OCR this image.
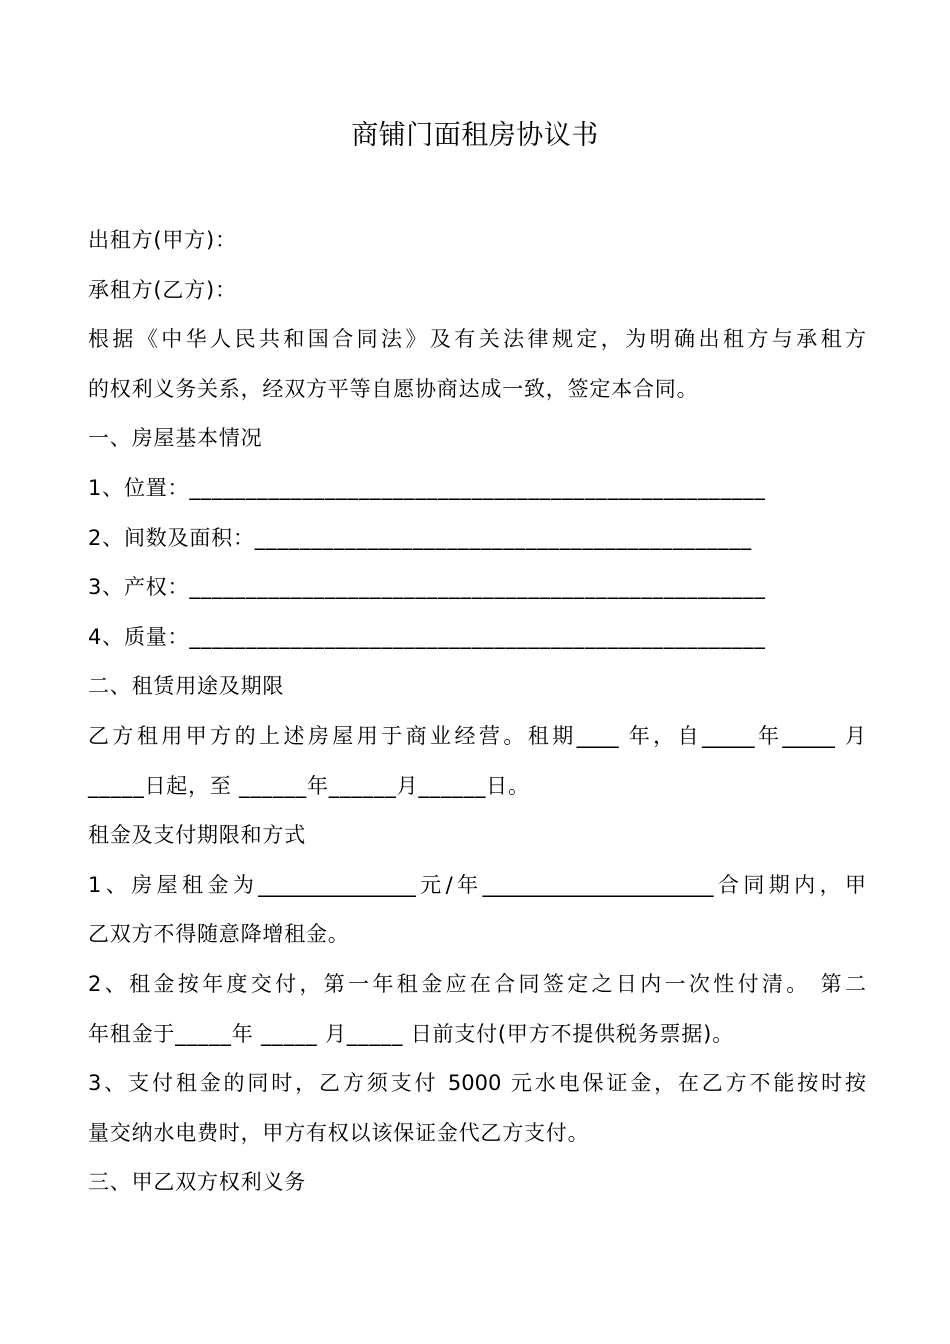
商铺门面租房协议书
出租方(甲方)：
承租方(乙方)：
根据《中华人民共和国合同法》及有关法律规定，为明确出租方与承租方
的权利义务关系，经双方平等自愿协商达成一致，签定本合同。
一、房屋基本情况
1、位置：___________________________________________________
2、间数及面积：____________________________________________
3、产权：___________________________________________________
4、质量：___________________________________________________
二、租赁用途及期限
乙方租用甲方的上述房屋用于商业经营。租期____ 年，自_____年_____ 月
_____日起，至 ______年______月______日。
租金及支付期限和方式
1、房屋租金为_______________元/年______________________合同期内，甲
乙双方不得随意降增租金。
2、租金按年度交付，第一年租金应在合同签定之日内一次性付清。 第二
年租金于_____年 _____ 月_____ 日前支付(甲方不提供税务票据)。
3、支付租金的同时，乙方须支付 5000 元水电保证金，在乙方不能按时按
量交纳水电费时，甲方有权以该保证金代乙方支付。
三、甲乙双方权利义务
